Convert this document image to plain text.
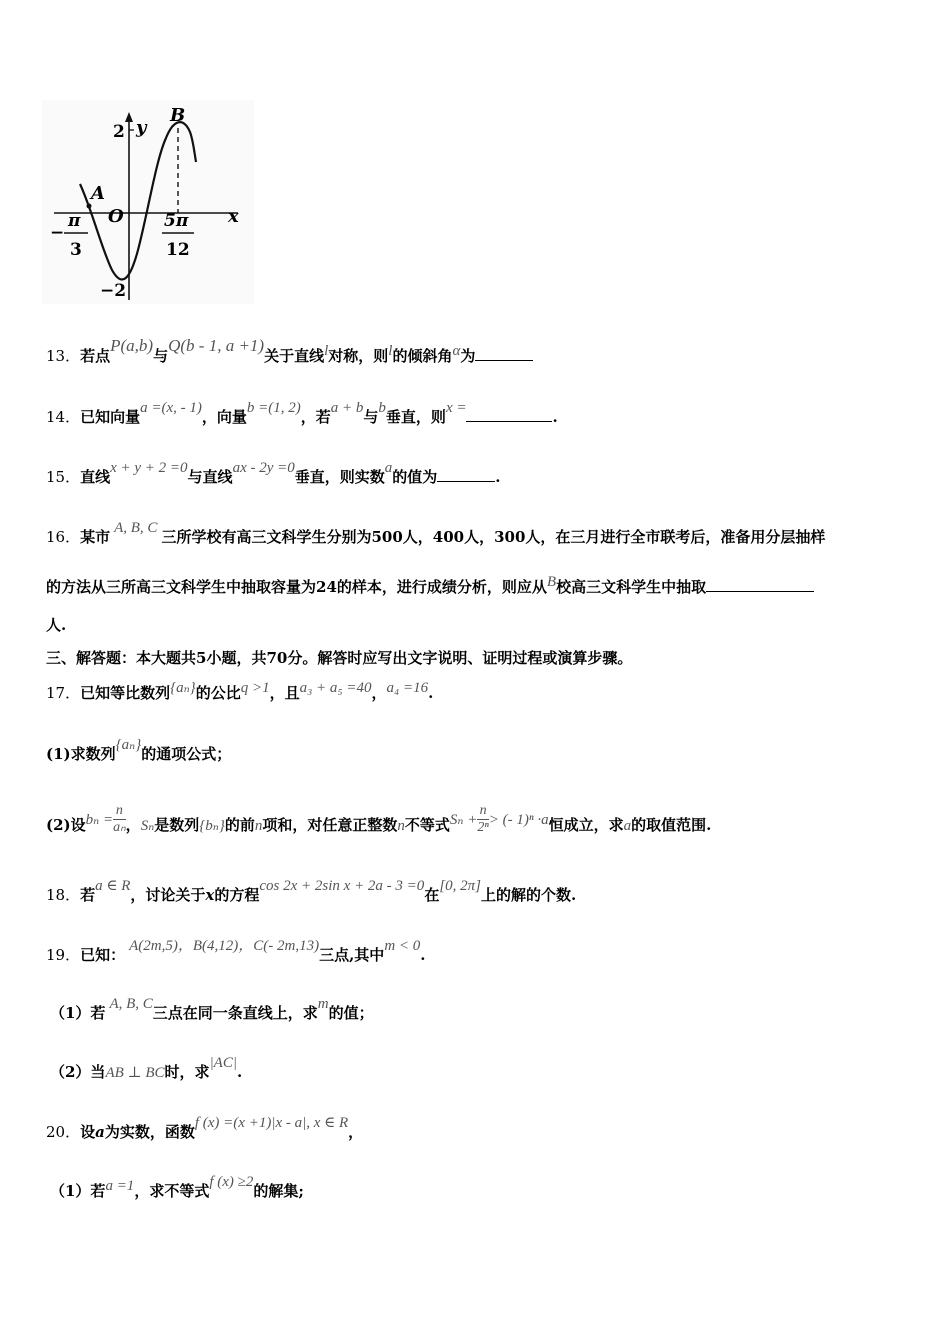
2 y
B
A
O	x
−2
−
π
3
5π
12
13．若点P(a,b)与Q(b - 1, a +1)关于直线l对称，则l的倾斜角α为
14．已知向量a =(x, - 1)，向量b =(1, 2)，若a + b与b垂直，则x =	.
15．直线x + y + 2 =0与直线ax - 2y =0垂直，则实数a的值为	.
16．某市 A, B, C 三所学校有高三文科学生分别为500人，400人，300人，在三月进行全市联考后，准备用分层抽样
的方法从三所高三文科学生中抽取容量为24的样本，进行成绩分析，则应从B校高三文科学生中抽取
人.
三、解答题：本大题共5小题，共70分。解答时应写出文字说明、证明过程或演算步骤。
17．已知等比数列{aₙ}的公比q >1，且a₃ + a₅ =40，a₄ =16.
(1)求数列{aₙ}的通项公式；
(2)设$b_n = \frac{n}{\text{aₙ}}$ ，Sₙ是数列{bₙ}的前n项和，对任意正整数n不等式$S_n + \frac{n}{\text{2ⁿ}}$ > (- 1)ⁿ ·a恒成立，求a的取值范围.
18．若a ∈ R，讨论关于x的方程cos 2x + 2sin x + 2a - 3 =0在[0, 2π]上的解的个数.
19．已知： A(2m,5)，B(4,12)，C(- 2m,13)三点,其中m < 0.
（1）若 A, B, C三点在同一条直线上，求m的值；
（2）当AB ⊥ BC时，求|AC|.
20．设a为实数，函数f (x) =(x +1)|x - a|, x ∈ R，
（1）若a =1，求不等式f (x) ≥2的解集;
